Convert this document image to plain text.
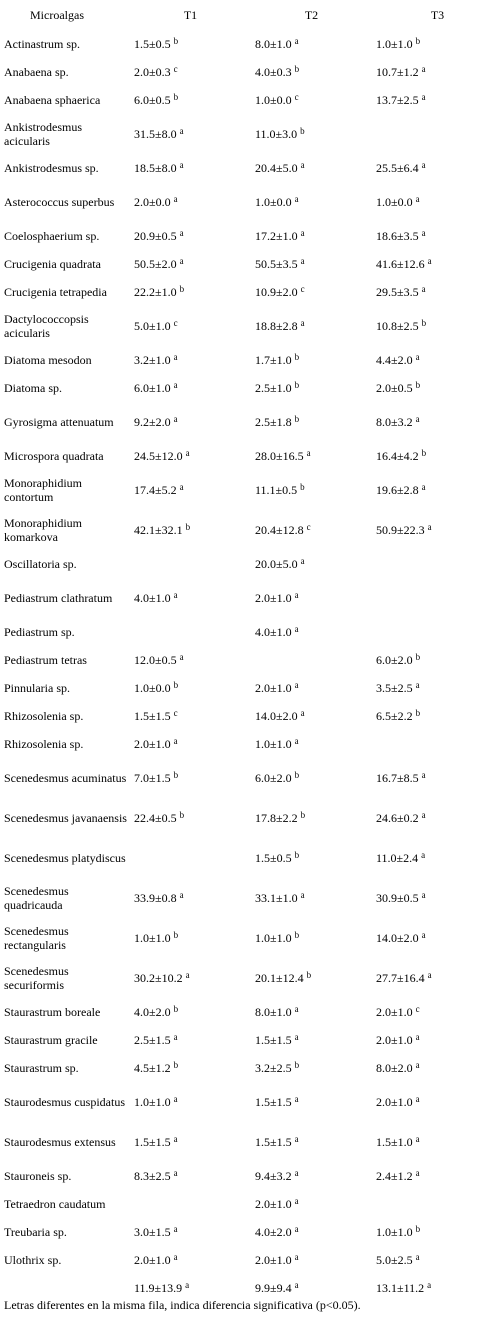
Microalgas	T1	T2	T3
Actinastrum sp.	1.5±0.5 $^b$	8.0±1.0 $^a$	1.0±1.0 $^b$
Anabaena sp.	2.0±0.3 $^c$	4.0±0.3 $^b$	10.7±1.2 $^a$
Anabaena sphaerica	6.0±0.5 $^b$	1.0±0.0 $^c$	13.7±2.5 $^a$
Ankistrodesmus acicularis	31.5±8.0 $^a$	11.0±3.0 $^b$	
Ankistrodesmus sp.	18.5±8.0 $^a$	20.4±5.0 $^a$	25.5±6.4 $^a$
Asterococcus superbus	2.0±0.0 $^a$	1.0±0.0 $^a$	1.0±0.0 $^a$
Coelosphaerium sp.	20.9±0.5 $^a$	17.2±1.0 $^a$	18.6±3.5 $^a$
Crucigenia quadrata	50.5±2.0 $^a$	50.5±3.5 $^a$	41.6±12.6 $^a$
Crucigenia tetrapedia	22.2±1.0 $^b$	10.9±2.0 $^c$	29.5±3.5 $^a$
Dactylococcopsis acicularis	5.0±1.0 $^c$	18.8±2.8 $^a$	10.8±2.5 $^b$
Diatoma mesodon	3.2±1.0 $^a$	1.7±1.0 $^b$	4.4±2.0 $^a$
Diatoma sp.	6.0±1.0 $^a$	2.5±1.0 $^b$	2.0±0.5 $^b$
Gyrosigma attenuatum	9.2±2.0 $^a$	2.5±1.8 $^b$	8.0±3.2 $^a$
Microspora quadrata	24.5±12.0 $^a$	28.0±16.5 $^a$	16.4±4.2 $^b$
Monoraphidium contortum	17.4±5.2 $^a$	11.1±0.5 $^b$	19.6±2.8 $^a$
Monoraphidium komarkova	42.1±32.1 $^b$	20.4±12.8 $^c$	50.9±22.3 $^a$
Oscillatoria sp.		20.0±5.0 $^a$	
Pediastrum clathratum	4.0±1.0 $^a$	2.0±1.0 $^a$	
Pediastrum sp.		4.0±1.0 $^a$	
Pediastrum tetras	12.0±0.5 $^a$		6.0±2.0 $^b$
Pinnularia sp.	1.0±0.0 $^b$	2.0±1.0 $^a$	3.5±2.5 $^a$
Rhizosolenia sp.	1.5±1.5 $^c$	14.0±2.0 $^a$	6.5±2.2 $^b$
Rhizosolenia sp.	2.0±1.0 $^a$	1.0±1.0 $^a$	
Scenedesmus acuminatus	7.0±1.5 $^b$	6.0±2.0 $^b$	16.7±8.5 $^a$
Scenedesmus javanaensis	22.4±0.5 $^b$	17.8±2.2 $^b$	24.6±0.2 $^a$
Scenedesmus platydiscus		1.5±0.5 $^b$	11.0±2.4 $^a$
Scenedesmus quadricauda	33.9±0.8 $^a$	33.1±1.0 $^a$	30.9±0.5 $^a$
Scenedesmus rectangularis	1.0±1.0 $^b$	1.0±1.0 $^b$	14.0±2.0 $^a$
Scenedesmus securiformis	30.2±10.2 $^a$	20.1±12.4 $^b$	27.7±16.4 $^a$
Staurastrum boreale	4.0±2.0 $^b$	8.0±1.0 $^a$	2.0±1.0 $^c$
Staurastrum gracile	2.5±1.5 $^a$	1.5±1.5 $^a$	2.0±1.0 $^a$
Staurastrum sp.	4.5±1.2 $^b$	3.2±2.5 $^b$	8.0±2.0 $^a$
Staurodesmus cuspidatus	1.0±1.0 $^a$	1.5±1.5 $^a$	2.0±1.0 $^a$
Staurodesmus extensus	1.5±1.5 $^a$	1.5±1.5 $^a$	1.5±1.0 $^a$
Stauroneis sp.	8.3±2.5 $^a$	9.4±3.2 $^a$	2.4±1.2 $^a$
Tetraedron caudatum		2.0±1.0 $^a$	
Treubaria sp.	3.0±1.5 $^a$	4.0±2.0 $^a$	1.0±1.0 $^b$
Ulothrix sp.	2.0±1.0 $^a$	2.0±1.0 $^a$	5.0±2.5 $^a$
	11.9±13.9 $^a$	9.9±9.4 $^a$	13.1±11.2 $^a$
Letras diferentes en la misma fila, indica diferencia significativa (p<0.05).
